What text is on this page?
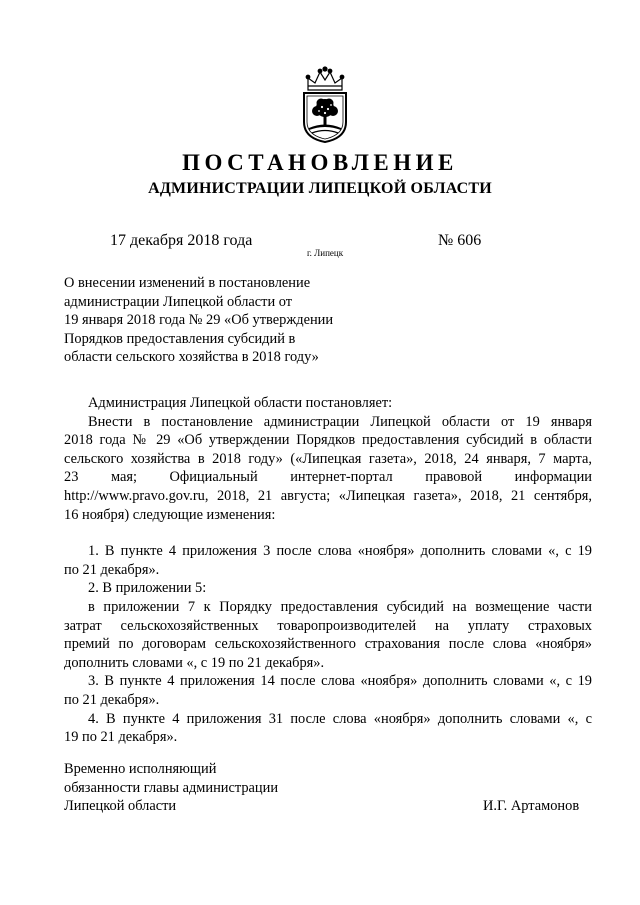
ПОСТАНОВЛЕНИЕ
АДМИНИСТРАЦИИ ЛИПЕЦКОЙ ОБЛАСТИ
17 декабря 2018 года
г. Липецк
№ 606
О внесении изменений в постановление
администрации Липецкой области от
19 января 2018 года № 29 «Об утверждении
Порядков предоставления субсидий в
области сельского хозяйства в 2018 году»
Администрация Липецкой области постановляет:
Внести в постановление администрации Липецкой области от 19 января
2018 года № 29 «Об утверждении Порядков предоставления субсидий в области
сельского хозяйства в 2018 году» («Липецкая газета», 2018, 24 января, 7 марта,
23 мая; Официальный интернет-портал правовой информации
http://www.pravo.gov.ru, 2018, 21 августа; «Липецкая газета», 2018, 21 сентября,
16 ноября) следующие изменения:
1. В пункте 4 приложения 3 после слова «ноября» дополнить словами «, с 19
по 21 декабря».
2. В приложении 5:
в приложении 7 к Порядку предоставления субсидий на возмещение части
затрат сельскохозяйственных товаропроизводителей на уплату страховых
премий по договорам сельскохозяйственного страхования после слова «ноября»
дополнить словами «, с 19 по 21 декабря».
3. В пункте 4 приложения 14 после слова «ноября» дополнить словами «, с 19
по 21 декабря».
4. В пункте 4 приложения 31 после слова «ноября» дополнить словами «, с
19 по 21 декабря».
Временно исполняющий
обязанности главы администрации
Липецкой области	И.Г. Артамонов
